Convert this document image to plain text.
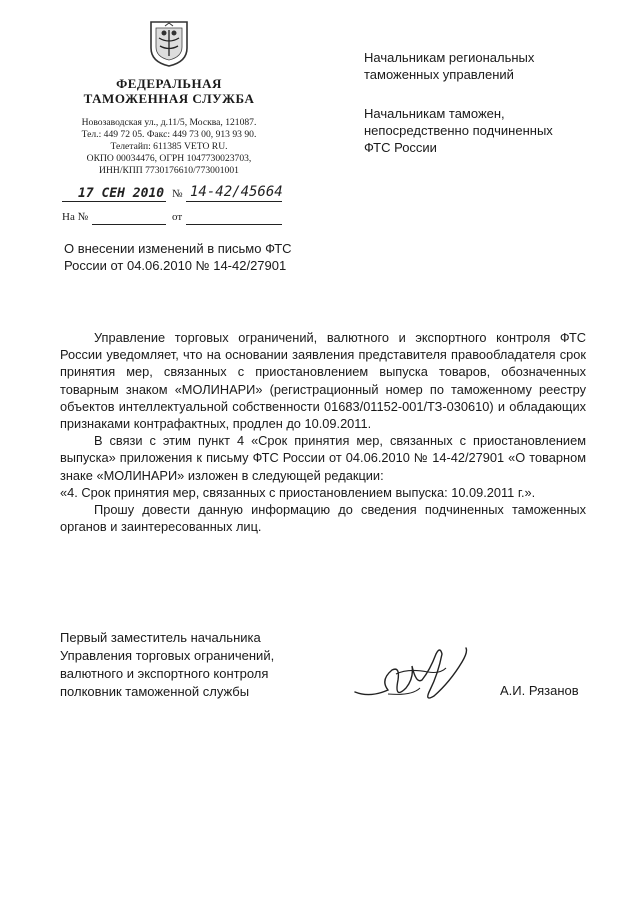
ФЕДЕРАЛЬНАЯ
ТАМОЖЕННАЯ СЛУЖБА
Новозаводская ул., д.11/5, Москва, 121087.
Тел.: 449 72 05. Факс: 449 73 00, 913 93 90.
Телетайп: 611385 VETO RU.
ОКПО 00034476, ОГРН 1047730023703,
ИНН/КПП 7730176610/773001001
17 СЕН 2010 № 14-42/45664
На №	от
Начальникам региональных
таможенных управлений
Начальникам таможен,
непосредственно подчиненных
ФТС России
О внесении изменений в письмо ФТС
России от 04.06.2010 № 14-42/27901

Управление торговых ограничений, валютного и экспортного контроля ФТС России уведомляет, что на основании заявления представителя правообладателя срок принятия мер, связанных с приостановлением выпуска товаров, обозначенных товарным знаком «МОЛИНАРИ» (регистрационный номер по таможенному реестру объектов интеллектуальной собственности 01683/01152-001/ТЗ-030610) и обладающих признаками контрафактных, продлен до 10.09.2011.

В связи с этим пункт 4 «Срок принятия мер, связанных с приостановлением выпуска» приложения к письму ФТС России от 04.06.2010 № 14-42/27901 «О товарном знаке «МОЛИНАРИ» изложен в следующей редакции:

«4. Срок принятия мер, связанных с приостановлением выпуска: 10.09.2011 г.».

Прошу довести данную информацию до сведения подчиненных таможенных органов и заинтересованных лиц.

Первый заместитель начальника
Управления торговых ограничений,
валютного и экспортного контроля
полковник таможенной службы	А.И. Рязанов
